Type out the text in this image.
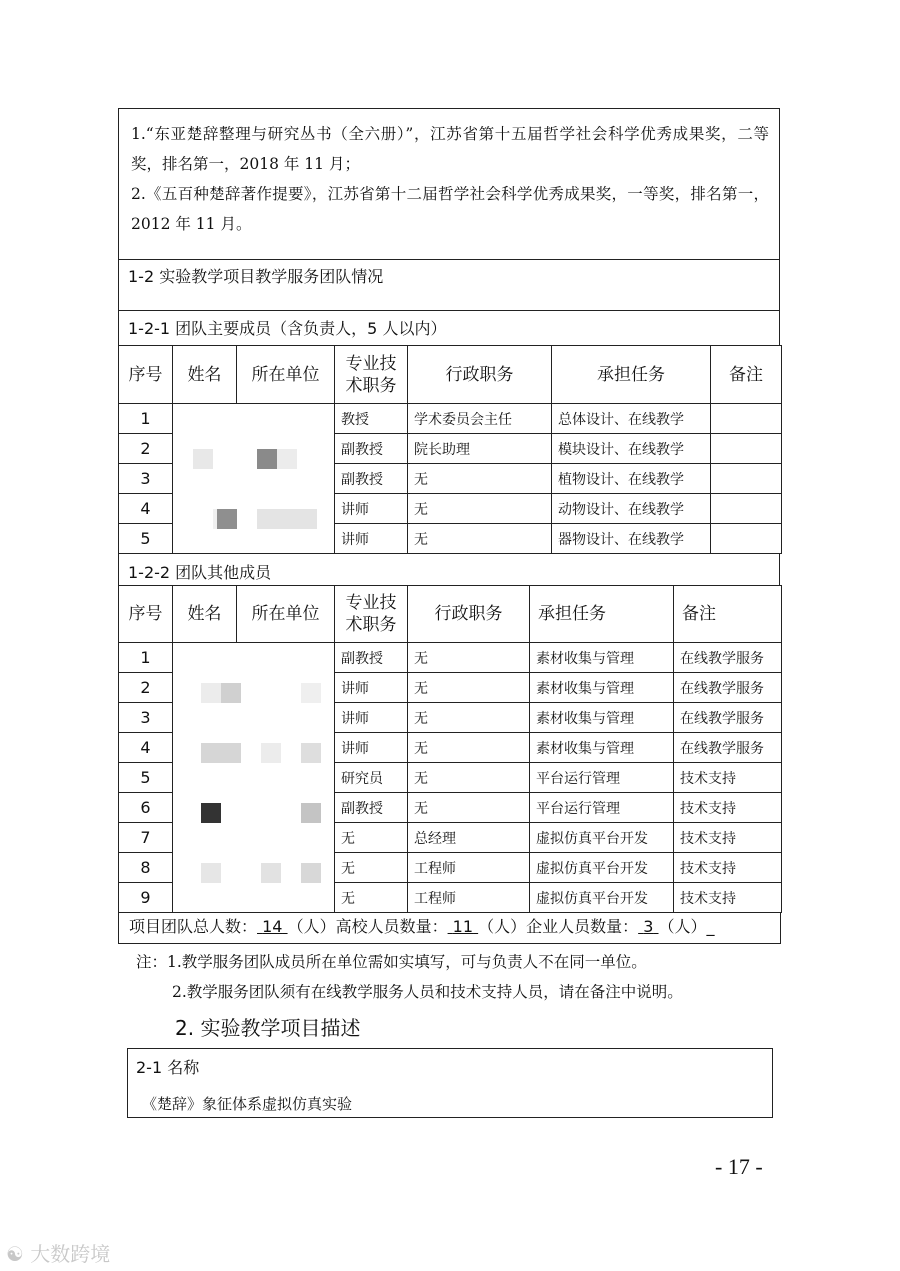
1.“东亚楚辞整理与研究丛书（全六册）”，江苏省第十五届哲学社会科学优秀成果奖，二等奖，排名第一，2018 年 11 月；

2.《五百种楚辞著作提要》，江苏省第十二届哲学社会科学优秀成果奖，一等奖，排名第一，2012 年 11 月。

1-2 实验教学项目教学服务团队情况
1-2-1 团队主要成员（含负责人，5 人以内）
序号	姓名	所在单位	专业技术职务	行政职务	承担任务	备注
1			教授	学术委员会主任	总体设计、在线教学	
2			副教授	院长助理	模块设计、在线教学	
3			副教授	无	植物设计、在线教学	
4			讲师	无	动物设计、在线教学	
5			讲师	无	器物设计、在线教学	
1-2-2 团队其他成员
序号	姓名	所在单位	专业技术职务	行政职务	承担任务	备注
1			副教授	无	素材收集与管理	在线教学服务
2			讲师	无	素材收集与管理	在线教学服务
3			讲师	无	素材收集与管理	在线教学服务
4			讲师	无	素材收集与管理	在线教学服务
5			研究员	无	平台运行管理	技术支持
6			副教授	无	平台运行管理	技术支持
7			无	总经理	虚拟仿真平台开发	技术支持
8			无	工程师	虚拟仿真平台开发	技术支持
9			无	工程师	虚拟仿真平台开发	技术支持
项目团队总人数： 14 （人）高校人员数量： 11 （人）企业人员数量： 3 （人）_
注：1.教学服务团队成员所在单位需如实填写，可与负责人不在同一单位。
2.教学服务团队须有在线教学服务人员和技术支持人员，请在备注中说明。
2. 实验教学项目描述
2-1 名称
《楚辞》象征体系虚拟仿真实验
- 17 -
☯ 大数跨境
